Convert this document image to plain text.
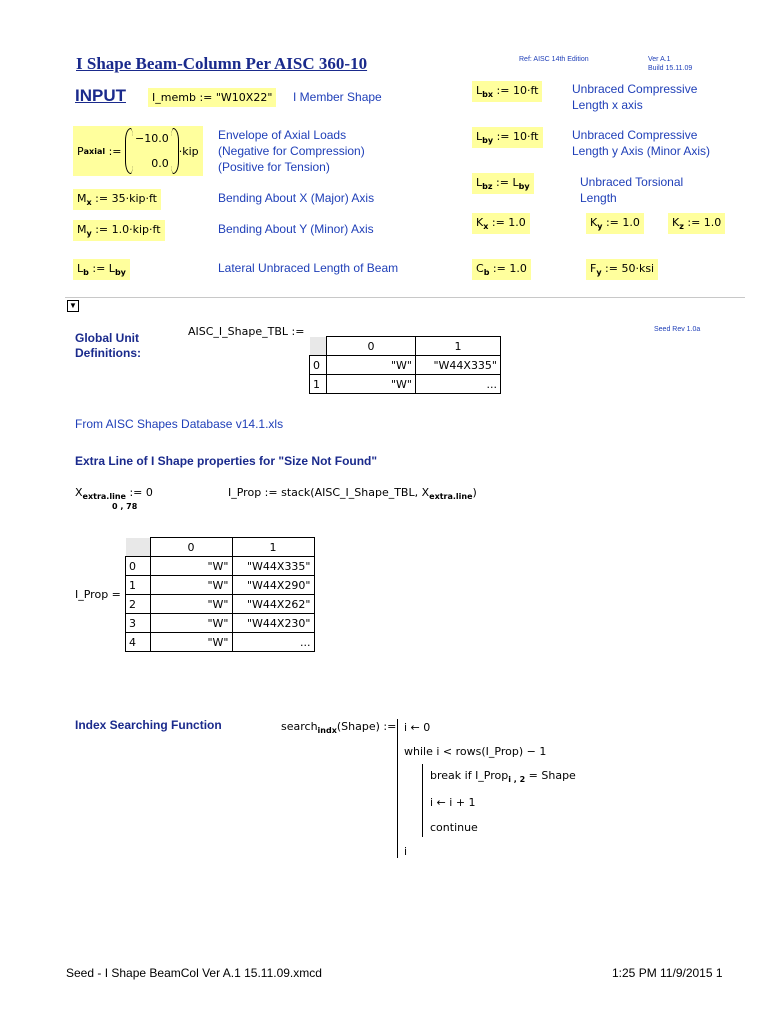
I Shape Beam-Column Per AISC 360-10	Ref: AISC 14th Edition	Ver A.1
Build 15.11.09
INPUT	I_memb := "W10X22"	I Member Shape
P axial
:=

−10.0
0.0
·kip
Envelope of Axial Loads
(Negative for Compression)
(Positive for Tension)
$M_x$ := 35·kip·ft	Bending About X (Major) Axis
$M_y$ := 1.0·kip·ft	Bending About Y (Minor) Axis
$L_b$ := $L_{by}$	Lateral Unbraced Length of Beam
$L_{bx}$ := 10·ft	Unbraced Compressive
Length x axis
$L_{by}$ := 10·ft	Unbraced Compressive
Length y Axis (Minor Axis)
$L_{bz}$ := $L_{by}$	Unbraced Torsional
Length
$K_x$ := 1.0	$K_y$ := 1.0	$K_z$ := 1.0
$C_b$ := 1.0	$F_y$ := 50·ksi
▼
Global Unit
Definitions:
AISC_I_Shape_TBL :=	Seed Rev 1.0a
	0	1
0	"W"	"W44X335"
1	"W"	...
From AISC Shapes Database v14.1.xls
Extra Line of I Shape properties for "Size Not Found"
$X_{extra.line}$ := 0
0 , 78
I_Prop := stack(AISC_I_Shape_TBL, $X_{extra.line}$)
I_Prop =
	0	1
0	"W"	"W44X335"
1	"W"	"W44X290"
2	"W"	"W44X262"
3	"W"	"W44X230"
4	"W"	...
Index Searching Function	search$_{indx}$(Shape) := i ← 0
while i < rows(I_Prop) − 1
break if I_Prop$_{i , 2}$ = Shape
i ← i + 1
continue
i
Seed - I Shape BeamCol Ver A.1 15.11.09.xmcd	1:25 PM 11/9/2015 1
